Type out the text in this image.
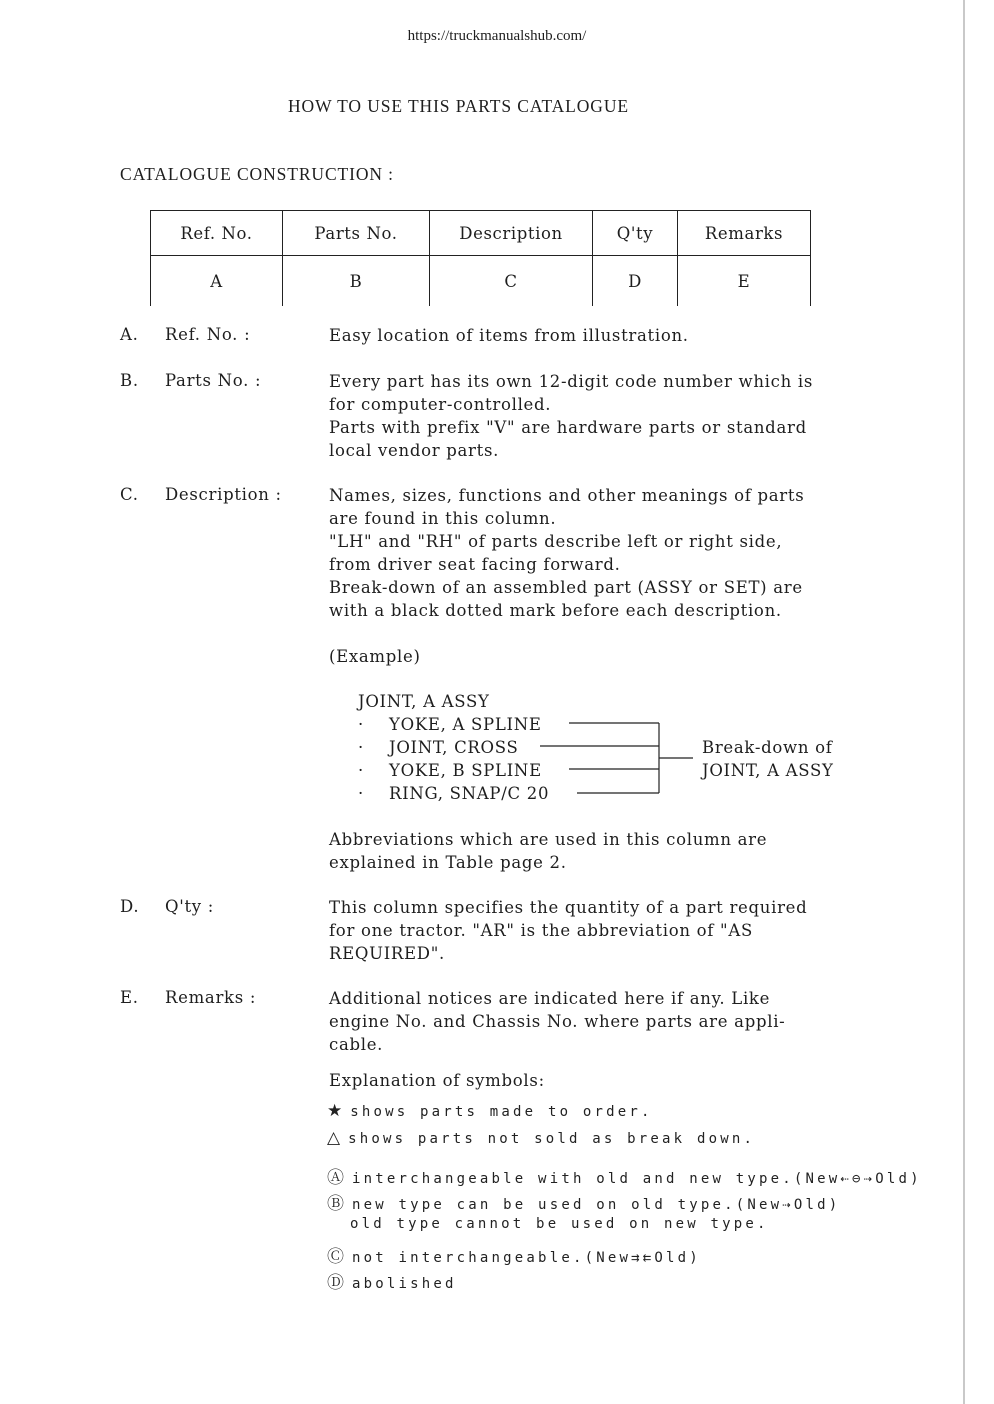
https://truckmanualshub.com/
HOW TO USE THIS PARTS CATALOGUE
CATALOGUE CONSTRUCTION :
Ref. No.	Parts No.	Description	Q'ty	Remarks
A	B	C	D	E
A. Ref. No. :	Easy location of items from illustration.
B. Parts No. :	Every part has its own 12-digit code number which is
for computer-controlled.
Parts with prefix "V" are hardware parts or standard
local vendor parts.
C. Description :	Names, sizes, functions and other meanings of parts
are found in this column.
"LH" and "RH" of parts describe left or right side,
from driver seat facing forward.
Break-down of an assembled part (ASSY or SET) are
with a black dotted mark before each description.
(Example)
JOINT, A ASSY
· YOKE, A SPLINE
· JOINT, CROSS
· YOKE, B SPLINE
· RING, SNAP/C 20
Break-down of
JOINT, A ASSY
Abbreviations which are used in this column are
explained in Table page 2.
D. Q'ty :	This column specifies the quantity of a part required
for one tractor. "AR" is the abbreviation of "AS
REQUIRED".
E. Remarks :	Additional notices are indicated here if any. Like
engine No. and Chassis No. where parts are appli-
cable.
Explanation of symbols:
★ shows parts made to order.
△ shows parts not sold as break down.
Ⓐ interchangeable with old and new type.(New⇠⊖⇢Old)
Ⓑ new type can be used on old type.(New⇢Old)
old type cannot be used on new type.
Ⓒ not interchangeable.(New⇉⇇Old)
Ⓓ abolished
